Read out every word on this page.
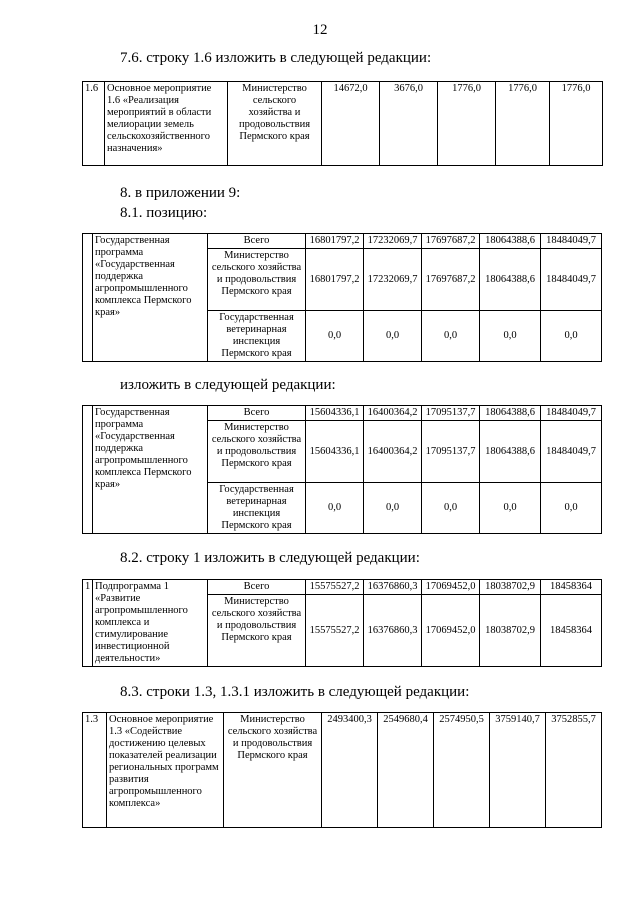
12
7.6. строку 1.6 изложить в следующей редакции:
1.6	Основное мероприятие 1.6 «Реализация мероприятий в области мелиорации земель сельскохозяйственного назначения»	Министерство сельского хозяйства и продовольствия Пермского края	14672,0	3676,0	1776,0	1776,0	1776,0
8. в приложении 9:
8.1. позицию:
	Государственная программа «Государственная поддержка агропромышленного комплекса Пермского края»	Всего	16801797,2	17232069,7	17697687,2	18064388,6	18484049,7
		Министерство сельского хозяйства и продовольствия Пермского края	16801797,2	17232069,7	17697687,2	18064388,6	18484049,7
		Государственная ветеринарная инспекция Пермского края	0,0	0,0	0,0	0,0	0,0
изложить в следующей редакции:
	Государственная программа «Государственная поддержка агропромышленного комплекса Пермского края»	Всего	15604336,1	16400364,2	17095137,7	18064388,6	18484049,7
		Министерство сельского хозяйства и продовольствия Пермского края	15604336,1	16400364,2	17095137,7	18064388,6	18484049,7
		Государственная ветеринарная инспекция Пермского края	0,0	0,0	0,0	0,0	0,0
8.2. строку 1 изложить в следующей редакции:
1	Подпрограмма 1 «Развитие агропромышленного комплекса и стимулирование инвестиционной деятельности»	Всего	15575527,2	16376860,3	17069452,0	18038702,9	18458364
		Министерство сельского хозяйства и продовольствия Пермского края	15575527,2	16376860,3	17069452,0	18038702,9	18458364
8.3. строки 1.3, 1.3.1 изложить в следующей редакции:
1.3	Основное мероприятие 1.3 «Содействие достижению целевых показателей реализации региональных программ развития агропромышленного комплекса»	Министерство сельского хозяйства и продовольствия Пермского края	2493400,3	2549680,4	2574950,5	3759140,7	3752855,7
